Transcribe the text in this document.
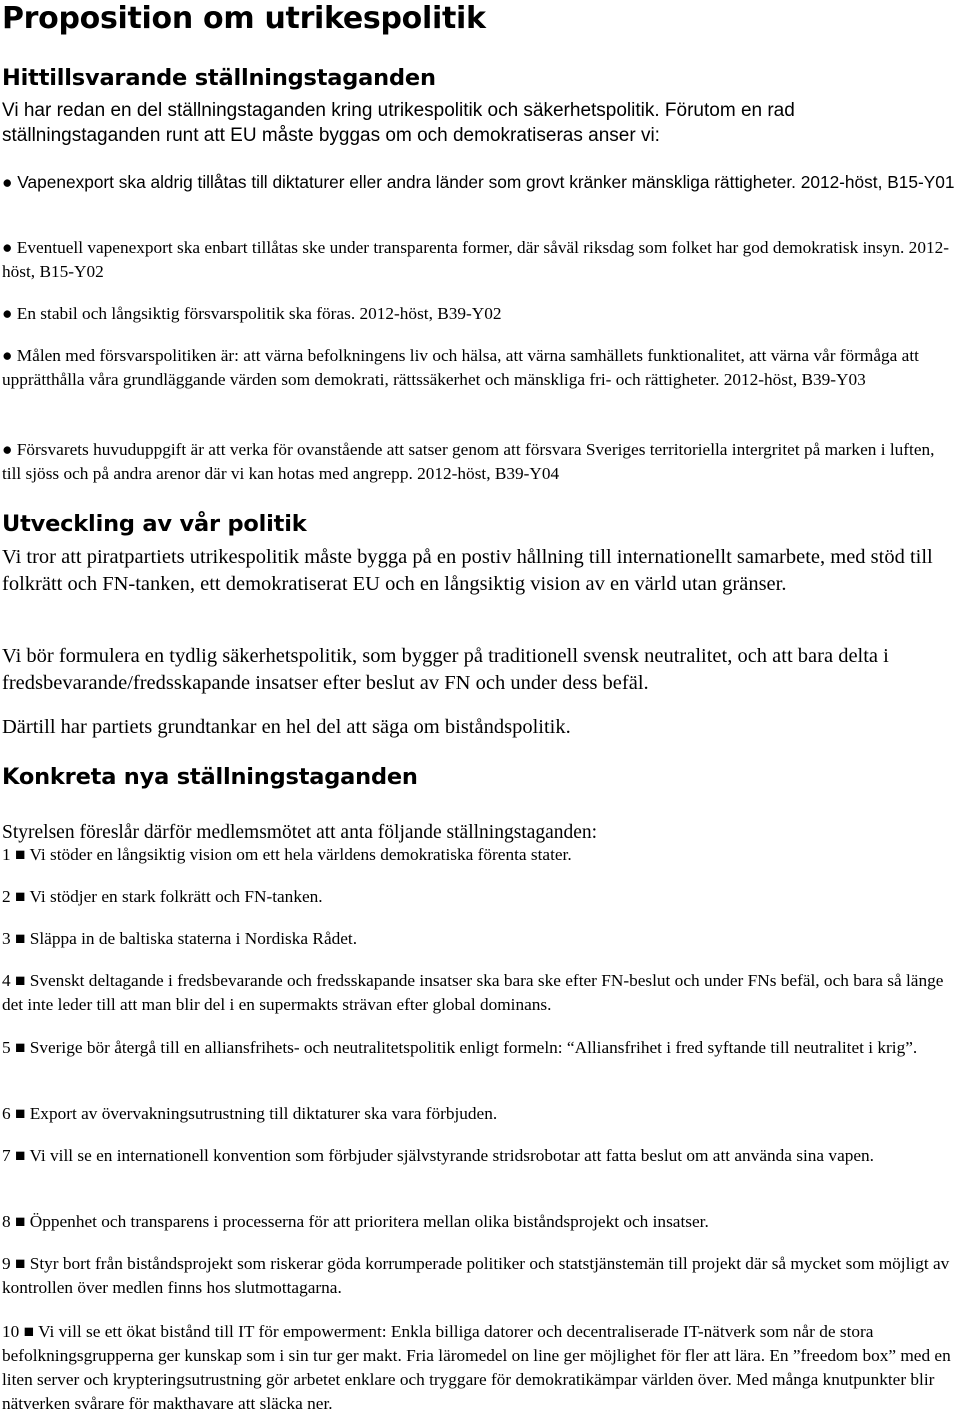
Proposition om utrikespolitik
Hittillsvarande ställningstaganden

Vi har redan en del ställningstaganden kring utrikespolitik och säkerhetspolitik. Förutom en rad ställningstaganden runt att EU måste byggas om och demokratiseras anser vi:

● Vapenexport ska aldrig tillåtas till diktaturer eller andra länder som grovt kränker mänskliga rättigheter. 2012-höst, B15-Y01

● Eventuell vapenexport ska enbart tillåtas ske under transparenta former, där såväl riksdag som folket har god demokratisk insyn. 2012-höst, B15-Y02

● En stabil och långsiktig försvarspolitik ska föras. 2012-höst, B39-Y02

● Målen med försvarspolitiken är: att värna befolkningens liv och hälsa, att värna samhällets funktionalitet, att värna vår förmåga att upprätthålla våra grundläggande värden som demokrati, rättssäkerhet och mänskliga fri- och rättigheter. 2012-höst, B39-Y03

● Försvarets huvuduppgift är att verka för ovanstående att satser genom att försvara Sveriges territoriella intergritet på marken i luften, till sjöss och på andra arenor där vi kan hotas med angrepp. 2012-höst, B39-Y04

Utveckling av vår politik

Vi tror att piratpartiets utrikespolitik måste bygga på en postiv hållning till internationellt samarbete, med stöd till folkrätt och FN-tanken, ett demokratiserat EU och en långsiktig vision av en värld utan gränser.

Vi bör formulera en tydlig säkerhetspolitik, som bygger på traditionell svensk neutralitet, och att bara delta i fredsbevarande/fredsskapande insatser efter beslut av FN och under dess befäl.

Därtill har partiets grundtankar en hel del att säga om biståndspolitik.

Konkreta nya ställningstaganden

Styrelsen föreslår därför medlemsmötet att anta följande ställningstaganden:

1 ■ Vi stöder en långsiktig vision om ett hela världens demokratiska förenta stater.

2 ■ Vi stödjer en stark folkrätt och FN-tanken.

3 ■ Släppa in de baltiska staterna i Nordiska Rådet.

4 ■ Svenskt deltagande i fredsbevarande och fredsskapande insatser ska bara ske efter FN-beslut och under FNs befäl, och bara så länge det inte leder till att man blir del i en supermakts strävan efter global dominans.

5 ■ Sverige bör återgå till en alliansfrihets- och neutralitetspolitik enligt formeln: “Alliansfrihet i fred syftande till neutralitet i krig”.

6 ■ Export av övervakningsutrustning till diktaturer ska vara förbjuden.

7 ■ Vi vill se en internationell konvention som förbjuder självstyrande stridsrobotar att fatta beslut om att använda sina vapen.

8 ■ Öppenhet och transparens i processerna för att prioritera mellan olika biståndsprojekt och insatser.

9 ■ Styr bort från biståndsprojekt som riskerar göda korrumperade politiker och statstjänstemän till projekt där så mycket som möjligt av kontrollen över medlen finns hos slutmottagarna.

10 ■ Vi vill se ett ökat bistånd till IT för empowerment: Enkla billiga datorer och decentraliserade IT-nätverk som når de stora befolkningsgrupperna ger kunskap som i sin tur ger makt. Fria läromedel on line ger möjlighet för fler att lära. En ”freedom box” med en liten server och krypteringsutrustning gör arbetet enklare och tryggare för demokratikämpar världen över. Med många knutpunkter blir nätverken svårare för makthavare att släcka ner.
